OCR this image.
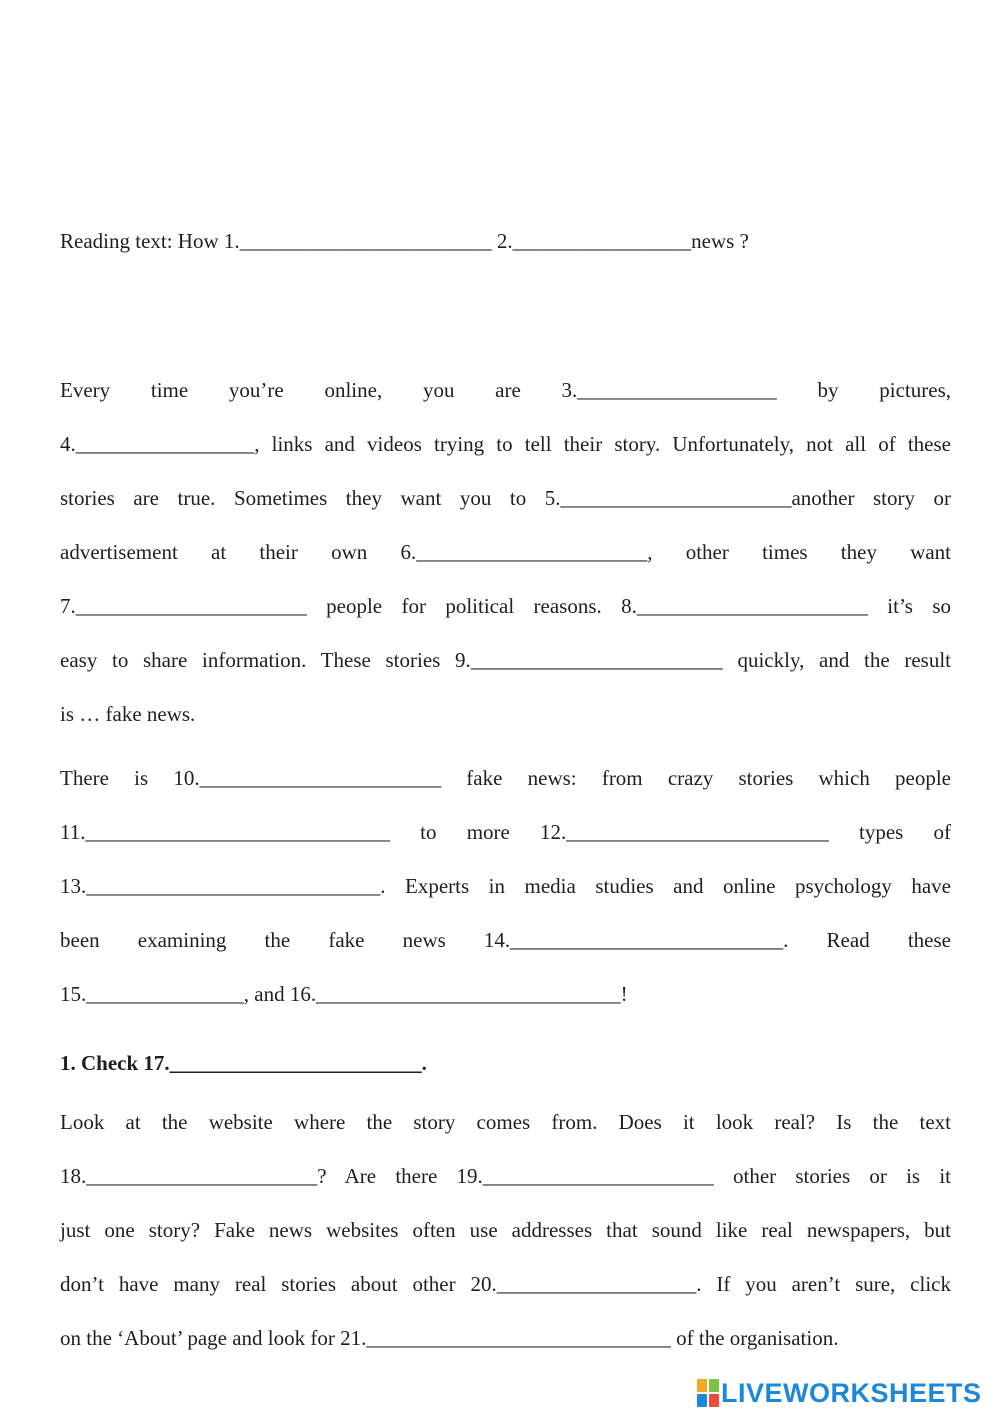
Reading text: How 1.________________________ 2._________________news ?
Every time you’re online, you are 3.___________________ by pictures,
4._________________, links and videos trying to tell their story. Unfortunately, not all of these
stories are true. Sometimes they want you to 5.______________________another story or
advertisement at their own 6.______________________, other times they want
7.______________________ people for political reasons. 8.______________________ it’s so
easy to share information. These stories 9.________________________ quickly, and the result
is … fake news.
There is 10._______________________ fake news: from crazy stories which people
11._____________________________ to more 12._________________________ types of
13.____________________________. Experts in media studies and online psychology have
been examining the fake news 14.__________________________. Read these
15._______________, and 16._____________________________!
1. Check 17.________________________.
Look at the website where the story comes from. Does it look real? Is the text
18.______________________? Are there 19.______________________ other stories or is it
just one story? Fake news websites often use addresses that sound like real newspapers, but
don’t have many real stories about other 20.___________________. If you aren’t sure, click
on the ‘About’ page and look for 21._____________________________ of the organisation.
LIVEWORKSHEETS
